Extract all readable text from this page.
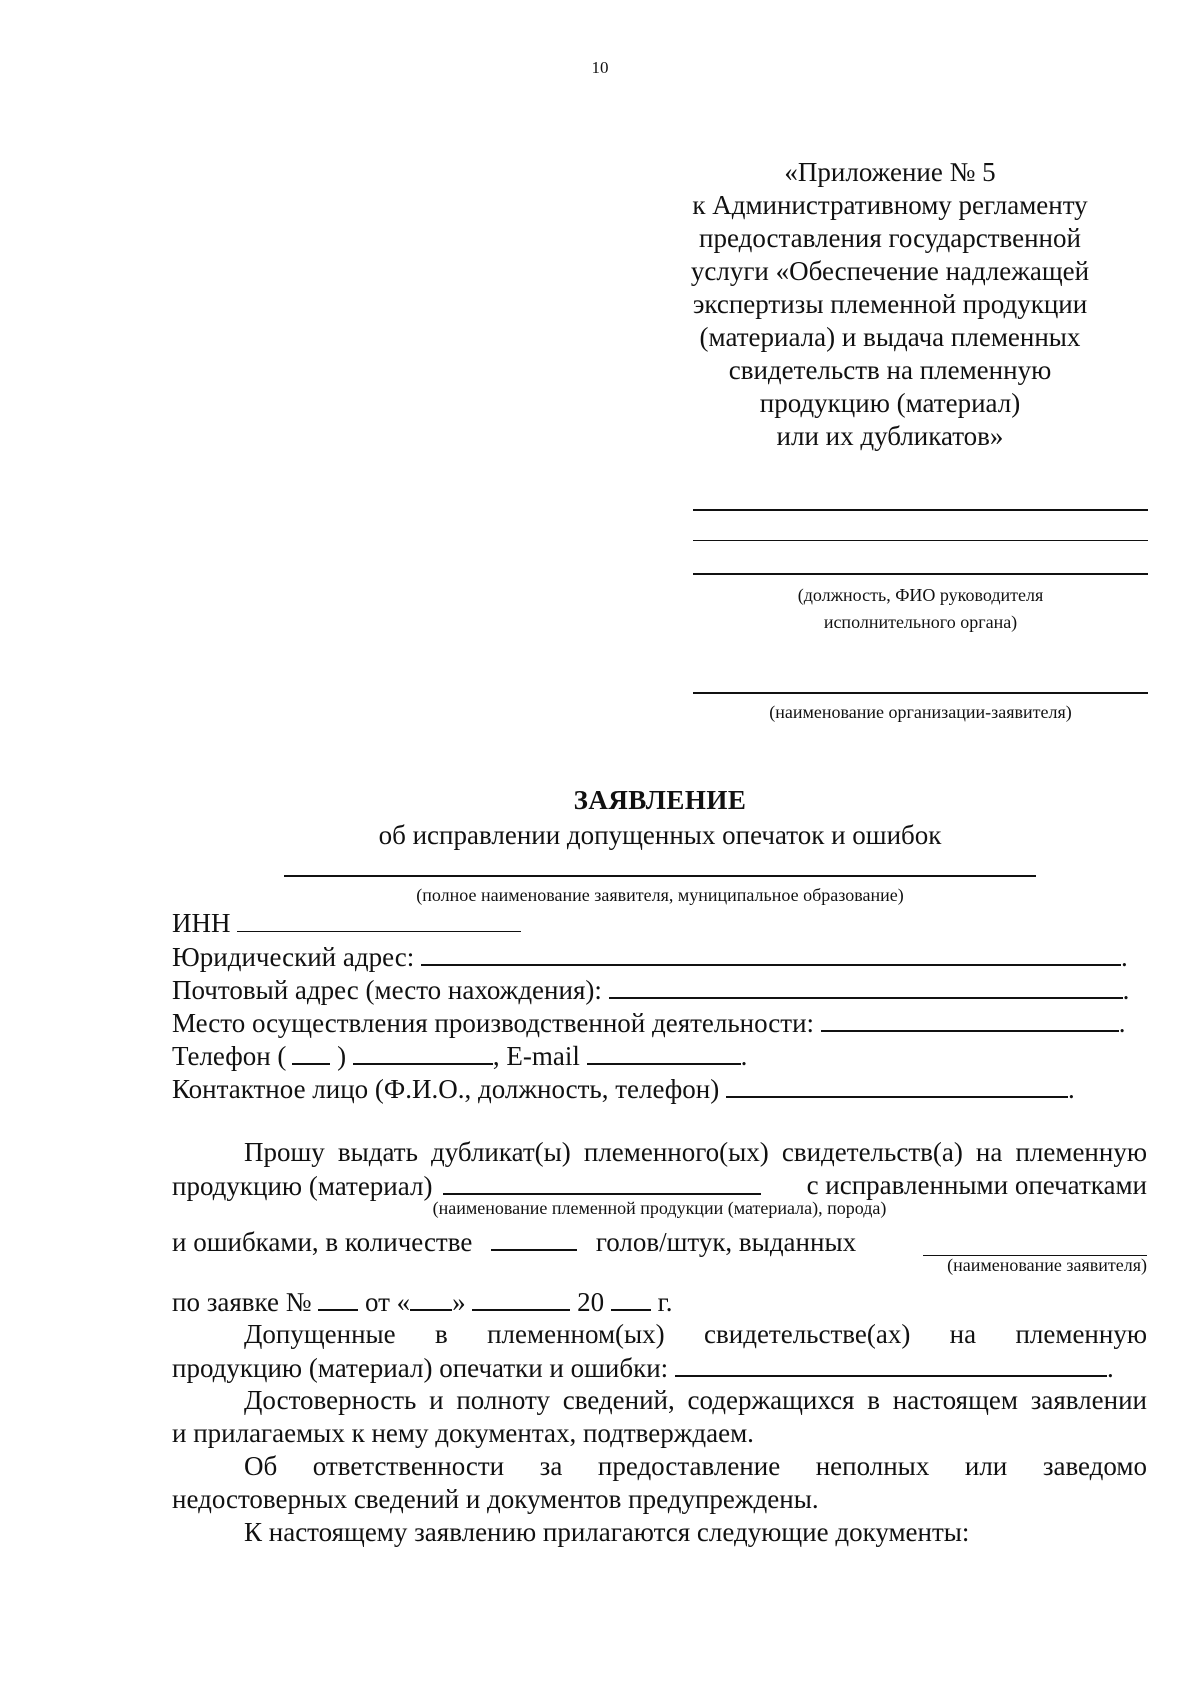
10
«Приложение № 5
к Административному регламенту
предоставления государственной
услуги «Обеспечение надлежащей
экспертизы племенной продукции
(материала) и выдача племенных
свидетельств на племенную
продукцию (материал)
или их дубликатов»
(должность, ФИО руководителя
исполнительного органа)
(наименование организации-заявителя)
ЗАЯВЛЕНИЕ
об исправлении допущенных опечаток и ошибок
(полное наименование заявителя, муниципальное образование)
ИНН
Юридический адрес:	.
Почтовый адрес (место нахождения):	.
Место осуществления производственной деятельности:	.
Телефон ( )	, E-mail	.
Контактное лицо (Ф.И.О., должность, телефон)	.
Прошу выдать дубликат(ы) племенного(ых) свидетельств(а) на племенную
продукцию (материал)	с исправленными опечатками
(наименование племенной продукции (материала), порода)
и ошибками, в количестве	голов/штук, выданных
(наименование заявителя)
по заявке № от « »	20 г.
Допущенные в племенном(ых) свидетельстве(ах) на племенную
продукцию (материал) опечатки и ошибки:	.
Достоверность и полноту сведений, содержащихся в настоящем заявлении
и прилагаемых к нему документах, подтверждаем.
Об ответственности за предоставление неполных или заведомо
недостоверных сведений и документов предупреждены.
К настоящему заявлению прилагаются следующие документы:
